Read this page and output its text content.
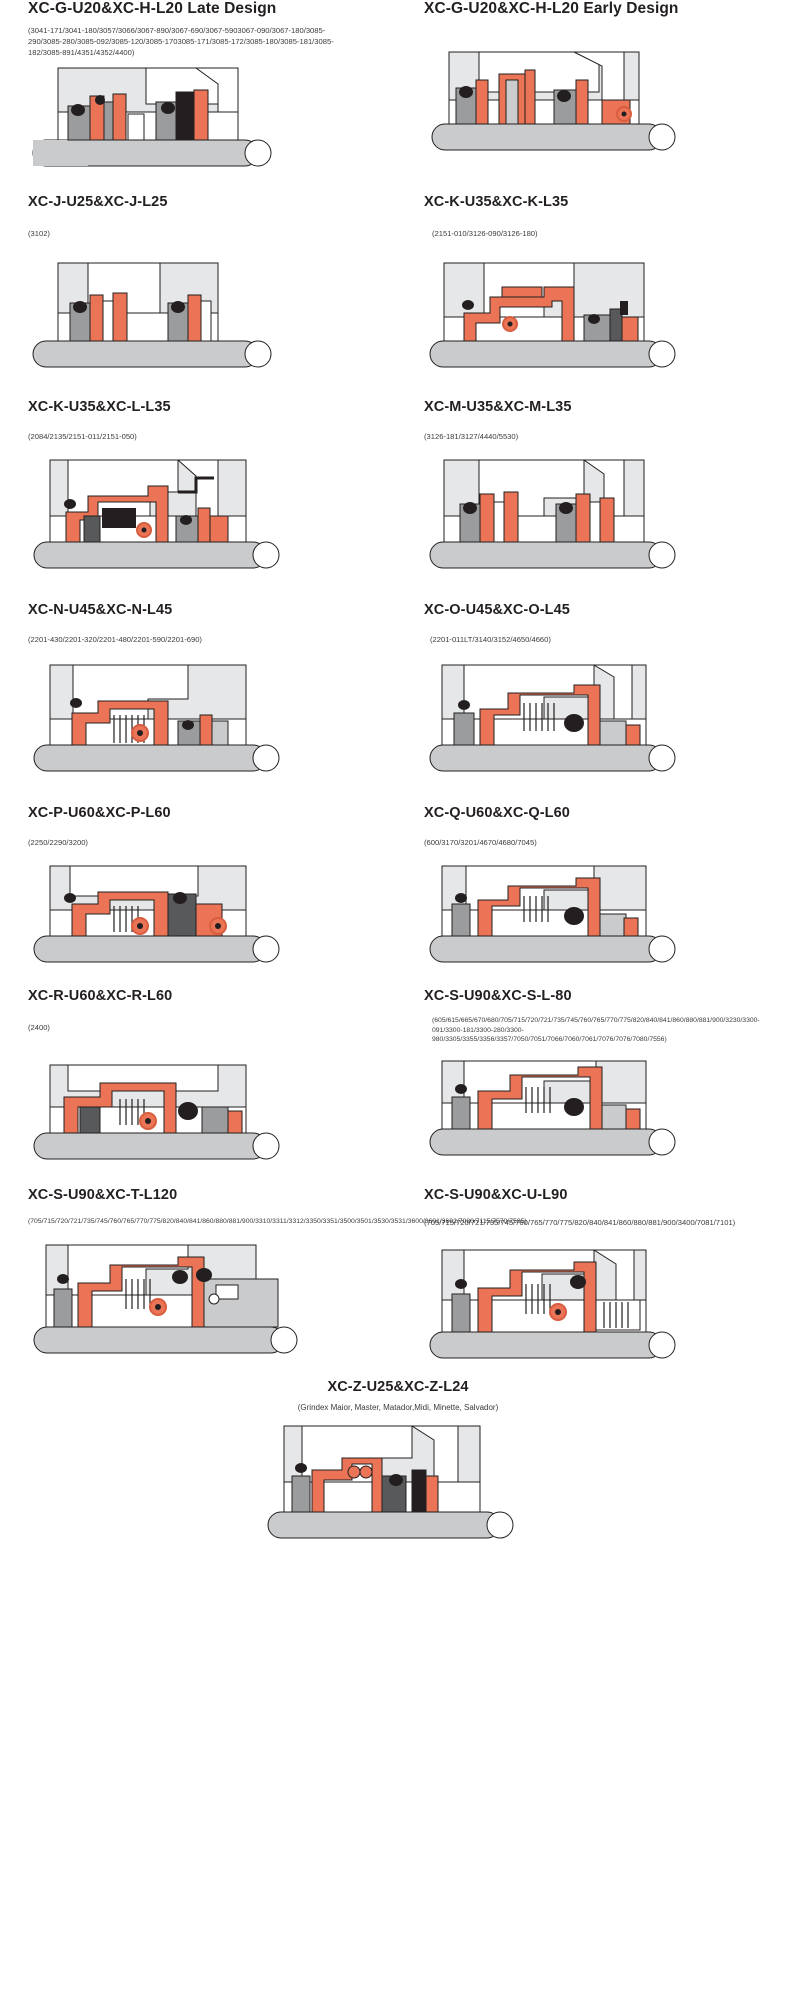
XC-G-U20&XC-H-L20 Late Design
(3041-171/3041-180/3057/3066/3067-890/3067-690/3067-5903067-090/3067-180/3085-290/3085-280/3085-092/3085-120/3085-1703085-171/3085-172/3085-180/3085-181/3085-182/3085-891/4351/4352/4400)
XC-G-U20&XC-H-L20 Early Design
XC-J-U25&XC-J-L25
(3102)
XC-K-U35&XC-K-L35
(2151-010/3126-090/3126-180)
XC-K-U35&XC-L-L35
(2084/2135/2151-011/2151-050)
XC-M-U35&XC-M-L35
(3126-181/3127/4440/5530)
XC-N-U45&XC-N-L45
(2201-430/2201-320/2201-480/2201-590/2201-690)
XC-O-U45&XC-O-L45
(2201-011LT/3140/3152/4650/4660)
XC-P-U60&XC-P-L60
(2250/2290/3200)
XC-Q-U60&XC-Q-L60
(600/3170/3201/4670/4680/7045)
XC-R-U60&XC-R-L60
(2400)
XC-S-U90&XC-S-L-80
(605/615/665/670/680/705/715/720/721/735/745/760/765/770/775/820/840/841/860/880/881/900/3230/3300-091/3300-181/3300-280/3300-980/3305/3355/3356/3357/7050/7051/7066/7060/7061/7076/7076/7080/7556)
XC-S-U90&XC-T-L120
(705/715/720/721/735/745/760/765/770/775/820/840/841/860/880/881/900/3310/3311/3312/3350/3351/3500/3501/3530/3531/3600/3601/3602/7080/7115/7570/7585)
XC-S-U90&XC-U-L90
(705/715/720/721/735/745/760/765/770/775/820/840/841/860/880/881/900/3400/7081/7101)
XC-Z-U25&XC-Z-L24
(Grindex Maior, Master, Matador,Midi, Minette, Salvador)
